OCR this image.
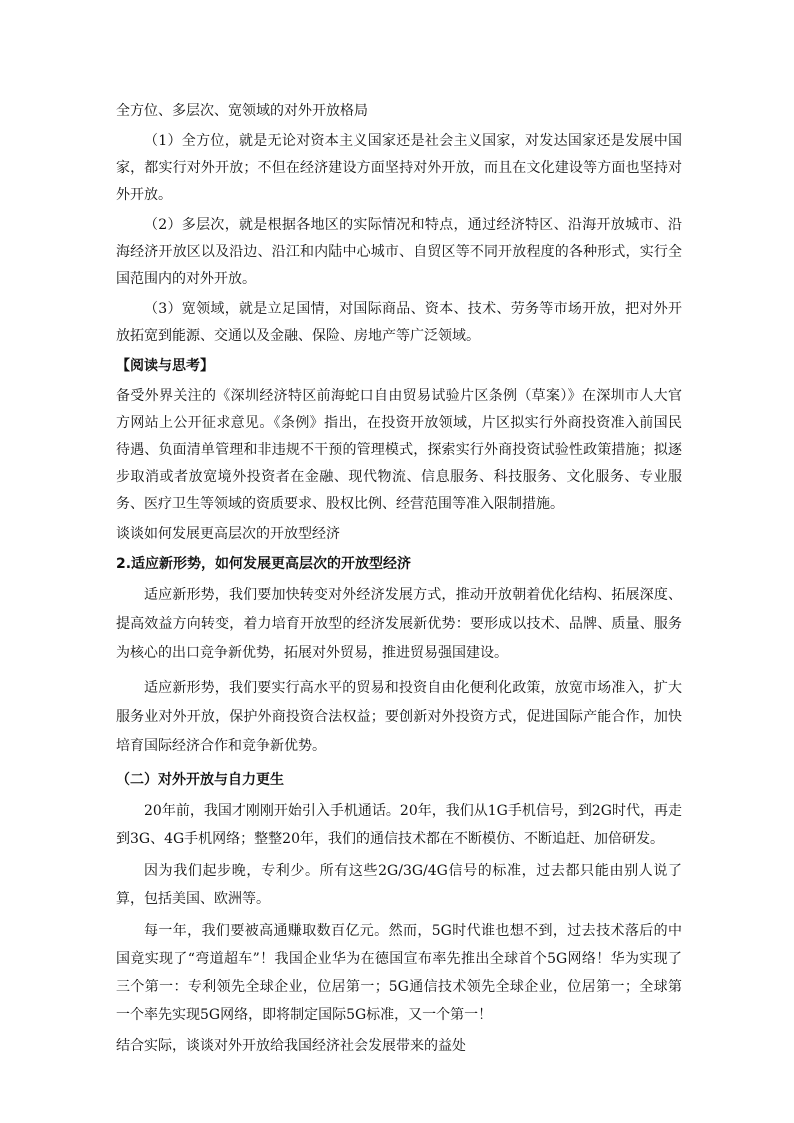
全方位、多层次、宽领域的对外开放格局

（1）全方位，就是无论对资本主义国家还是社会主义国家，对发达国家还是发展中国家，都实行对外开放；不但在经济建设方面坚持对外开放，而且在文化建设等方面也坚持对外开放。

（2）多层次，就是根据各地区的实际情况和特点，通过经济特区、沿海开放城市、沿海经济开放区以及沿边、沿江和内陆中心城市、自贸区等不同开放程度的各种形式，实行全国范围内的对外开放。

（3）宽领域，就是立足国情，对国际商品、资本、技术、劳务等市场开放，把对外开放拓宽到能源、交通以及金融、保险、房地产等广泛领域。

【阅读与思考】

备受外界关注的《深圳经济特区前海蛇口自由贸易试验片区条例（草案）》在深圳市人大官方网站上公开征求意见。《条例》指出，在投资开放领域，片区拟实行外商投资准入前国民待遇、负面清单管理和非违规不干预的管理模式，探索实行外商投资试验性政策措施；拟逐步取消或者放宽境外投资者在金融、现代物流、信息服务、科技服务、文化服务、专业服务、医疗卫生等领域的资质要求、股权比例、经营范围等准入限制措施。

谈谈如何发展更高层次的开放型经济

2.适应新形势，如何发展更高层次的开放型经济

适应新形势，我们要加快转变对外经济发展方式，推动开放朝着优化结构、拓展深度、提高效益方向转变，着力培育开放型的经济发展新优势：要形成以技术、品牌、质量、服务为核心的出口竞争新优势，拓展对外贸易，推进贸易强国建设。

适应新形势，我们要实行高水平的贸易和投资自由化便利化政策，放宽市场准入，扩大服务业对外开放，保护外商投资合法权益；要创新对外投资方式，促进国际产能合作，加快培育国际经济合作和竞争新优势。

（二）对外开放与自力更生

20年前，我国才刚刚开始引入手机通话。20年，我们从1G手机信号，到2G时代，再走到3G、4G手机网络；整整20年，我们的通信技术都在不断模仿、不断追赶、加倍研发。

因为我们起步晚，专利少。所有这些2G/3G/4G信号的标准，过去都只能由别人说了算，包括美国、欧洲等。

每一年，我们要被高通赚取数百亿元。然而，5G时代谁也想不到，过去技术落后的中国竟实现了“弯道超车”！我国企业华为在德国宣布率先推出全球首个5G网络！华为实现了三个第一：专利领先全球企业，位居第一；5G通信技术领先全球企业，位居第一；全球第一个率先实现5G网络，即将制定国际5G标准，又一个第一！

结合实际，谈谈对外开放给我国经济社会发展带来的益处
